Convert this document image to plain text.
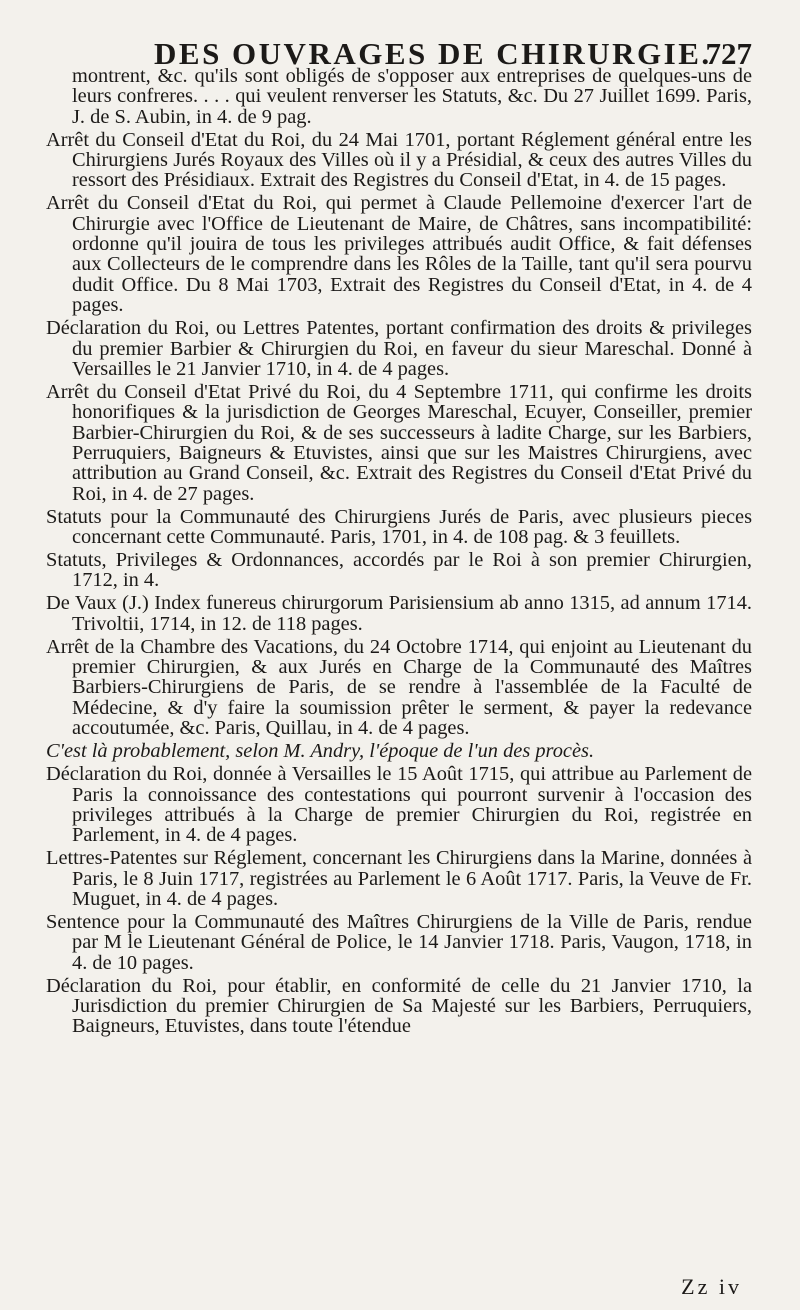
DES OUVRAGES DE CHIRURGIE.
727

montrent, &c. qu'ils sont obligés de s'opposer aux entreprises de quelques-uns de leurs confreres. . . . qui veulent renverser les Statuts, &c. Du 27 Juillet 1699. Paris, J. de S. Aubin, in 4. de 9 pag.

Arrêt du Conseil d'Etat du Roi, du 24 Mai 1701, portant Réglement général entre les Chirurgiens Jurés Royaux des Villes où il y a Présidial, & ceux des autres Villes du ressort des Présidiaux. Extrait des Registres du Conseil d'Etat, in 4. de 15 pages.

Arrêt du Conseil d'Etat du Roi, qui permet à Claude Pellemoine d'exercer l'art de Chirurgie avec l'Office de Lieutenant de Maire, de Châtres, sans incompatibilité: ordonne qu'il jouira de tous les privileges attribués audit Office, & fait défenses aux Collecteurs de le comprendre dans les Rôles de la Taille, tant qu'il sera pourvu dudit Office. Du 8 Mai 1703, Extrait des Registres du Conseil d'Etat, in 4. de 4 pages.

Déclaration du Roi, ou Lettres Patentes, portant confirmation des droits & privileges du premier Barbier & Chirurgien du Roi, en faveur du sieur Mareschal. Donné à Versailles le 21 Janvier 1710, in 4. de 4 pages.

Arrêt du Conseil d'Etat Privé du Roi, du 4 Septembre 1711, qui confirme les droits honorifiques & la jurisdiction de Georges Mareschal, Ecuyer, Conseiller, premier Barbier-Chirurgien du Roi, & de ses successeurs à ladite Charge, sur les Barbiers, Perruquiers, Baigneurs & Etuvistes, ainsi que sur les Maistres Chirurgiens, avec attribution au Grand Conseil, &c. Extrait des Registres du Conseil d'Etat Privé du Roi, in 4. de 27 pages.

Statuts pour la Communauté des Chirurgiens Jurés de Paris, avec plusieurs pieces concernant cette Communauté. Paris, 1701, in 4. de 108 pag. & 3 feuillets.

Statuts, Privileges & Ordonnances, accordés par le Roi à son premier Chirurgien, 1712, in 4.

De Vaux (J.) Index funereus chirurgorum Parisiensium ab anno 1315, ad annum 1714. Trivoltii, 1714, in 12. de 118 pages.

Arrêt de la Chambre des Vacations, du 24 Octobre 1714, qui enjoint au Lieutenant du premier Chirurgien, & aux Jurés en Charge de la Communauté des Maîtres Barbiers-Chirurgiens de Paris, de se rendre à l'assemblée de la Faculté de Médecine, & d'y faire la soumission prêter le serment, & payer la redevance accoutumée, &c. Paris, Quillau, in 4. de 4 pages.

C'est là probablement, selon M. Andry, l'époque de l'un des procès.

Déclaration du Roi, donnée à Versailles le 15 Août 1715, qui attribue au Parlement de Paris la connoissance des contestations qui pourront survenir à l'occasion des privileges attribués à la Charge de premier Chirurgien du Roi, registrée en Parlement, in 4. de 4 pages.

Lettres-Patentes sur Réglement, concernant les Chirurgiens dans la Marine, données à Paris, le 8 Juin 1717, registrées au Parlement le 6 Août 1717. Paris, la Veuve de Fr. Muguet, in 4. de 4 pages.

Sentence pour la Communauté des Maîtres Chirurgiens de la Ville de Paris, rendue par M le Lieutenant Général de Police, le 14 Janvier 1718. Paris, Vaugon, 1718, in 4. de 10 pages.

Déclaration du Roi, pour établir, en conformité de celle du 21 Janvier 1710, la Jurisdiction du premier Chirurgien de Sa Majesté sur les Barbiers, Perruquiers, Baigneurs, Etuvistes, dans toute l'étendue

Zz iv
